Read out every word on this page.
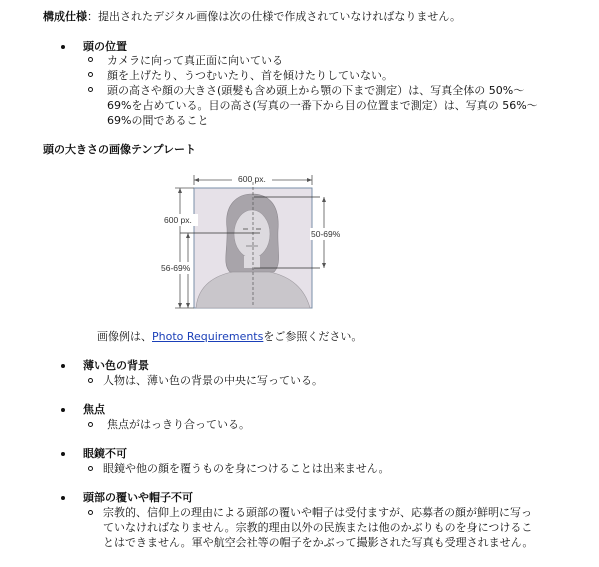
構成仕様：提出されたデジタル画像は次の仕様で作成されていなければなりません。
頭の位置
カメラに向って真正面に向いている
顔を上げたり、うつむいたり、首を傾けたりしていない。
頭の高さや顔の大きさ(頭髪も含め頭上から顎の下まで測定）は、写真全体の 50%〜
69%を占めている。目の高さ(写真の一番下から目の位置まで測定）は、写真の 56%〜
69%の間であること
頭の大きさの画像テンプレート
600 px.
600 px.
56-69%
50-69%
画像例は、Photo Requirementsをご参照ください。
薄い色の背景
人物は、薄い色の背景の中央に写っている。
焦点
焦点がはっきり合っている。
眼鏡不可
眼鏡や他の顔を覆うものを身につけることは出来ません。
頭部の覆いや帽子不可
宗教的、信仰上の理由による頭部の覆いや帽子は受付ますが、応募者の顔が鮮明に写っ
ていなければなりません。宗教的理由以外の民族または他のかぶりものを身につけるこ
とはできません。軍や航空会社等の帽子をかぶって撮影された写真も受理されません。
